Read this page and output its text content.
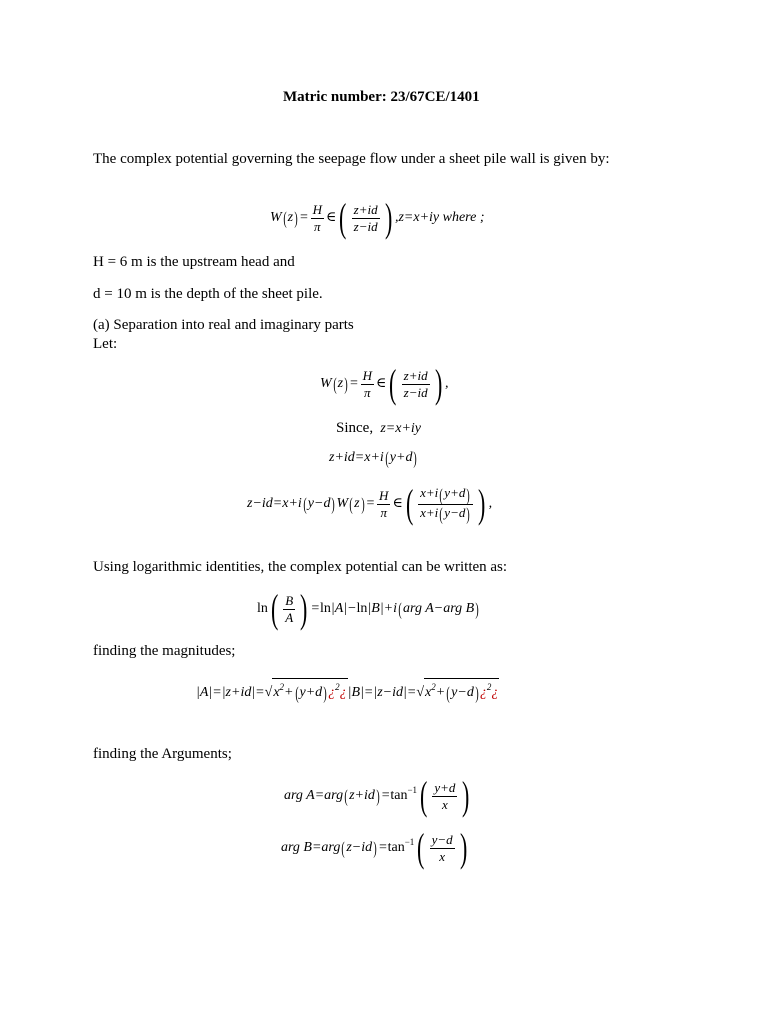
Matric number: 23/67CE/1401
The complex potential governing the seepage flow under a sheet pile wall is given by:
$W(z)= \frac{H}{\pi}$ ∈( $\frac{z+id}{z-id}$ ) ,z=x+iy where ;
H = 6 m is the upstream head and
d = 10 m is the depth of the sheet pile.
(a) Separation into real and imaginary parts
Let:
$W(z)= \frac{H}{\pi}$ ∈( $\frac{z+id}{z-id}$ ) ,
Since,  z=x+iy
z+id=x+i(y+d)
$z-id=x+i(y-d)W(z)= \frac{H}{\pi}$ ∈( $\frac{x+i(y+d)}{x+i(y-d)}$ ) ,
Using logarithmic identities, the complex potential can be written as:
$\ln( \frac{B}{A}$ ) =ln|A|−ln|B|+i(arg A−arg B)
finding the magnitudes;
$|A|=|z+id|=√x^2+(y+d)¿^2¿|B|=|z-id|=√x^2+(y-d)¿^2¿$
finding the Arguments;
arg $A=arg(z+id)=\tan^{-1}( \frac{y+d}{x}$ )
arg $B=arg(z-id)=\tan^{-1}( \frac{y-d}{x}$ )
